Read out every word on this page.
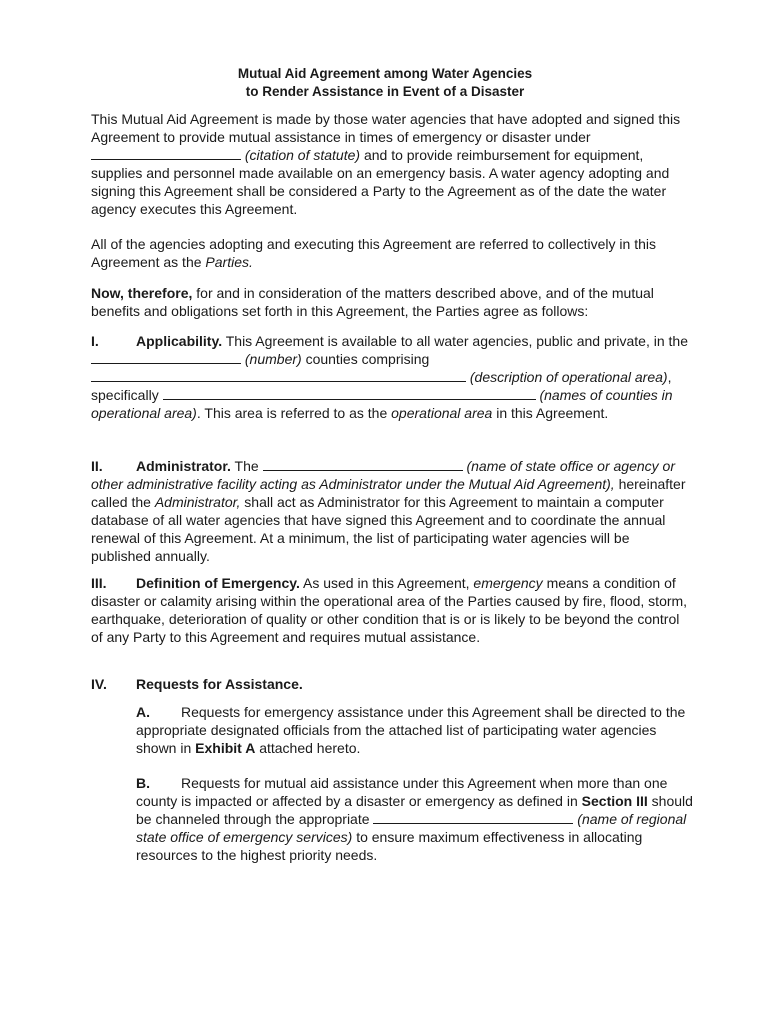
Mutual Aid Agreement among Water Agencies
to Render Assistance in Event of a Disaster

This Mutual Aid Agreement is made by those water agencies that have adopted and signed this Agreement to provide mutual assistance in times of emergency or disaster under  (citation of statute) and to provide reimbursement for equipment, supplies and personnel made available on an emergency basis. A water agency adopting and signing this Agreement shall be considered a Party to the Agreement as of the date the water agency executes this Agreement.

All of the agencies adopting and executing this Agreement are referred to collectively in this Agreement as the Parties.

Now, therefore, for and in consideration of the matters described above, and of the mutual benefits and obligations set forth in this Agreement, the Parties agree as follows:

I.	Applicability. This Agreement is available to all water agencies, public and private, in the  (number) counties comprising  (description of operational area), specifically	(names of counties in operational area). This area is referred to as the operational area in this Agreement.

II. Administrator. The	(name of state office or agency or other administrative facility acting as Administrator under the Mutual Aid Agreement), hereinafter called the Administrator, shall act as Administrator for this Agreement to maintain a computer database of all water agencies that have signed this Agreement and to coordinate the annual renewal of this Agreement. At a minimum, the list of participating water agencies will be published annually.

III. Definition of Emergency. As used in this Agreement, emergency means a condition of disaster or calamity arising within the operational area of the Parties caused by fire, flood, storm, earthquake, deterioration of quality or other condition that is or is likely to be beyond the control of any Party to this Agreement and requires mutual assistance.

IV. Requests for Assistance.

A. Requests for emergency assistance under this Agreement shall be directed to the appropriate designated officials from the attached list of participating water agencies shown in Exhibit A attached hereto.

B. Requests for mutual aid assistance under this Agreement when more than one county is impacted or affected by a disaster or emergency as defined in Section III should be channeled through the appropriate	(name of regional state office of emergency services) to ensure maximum effectiveness in allocating resources to the highest priority needs.
